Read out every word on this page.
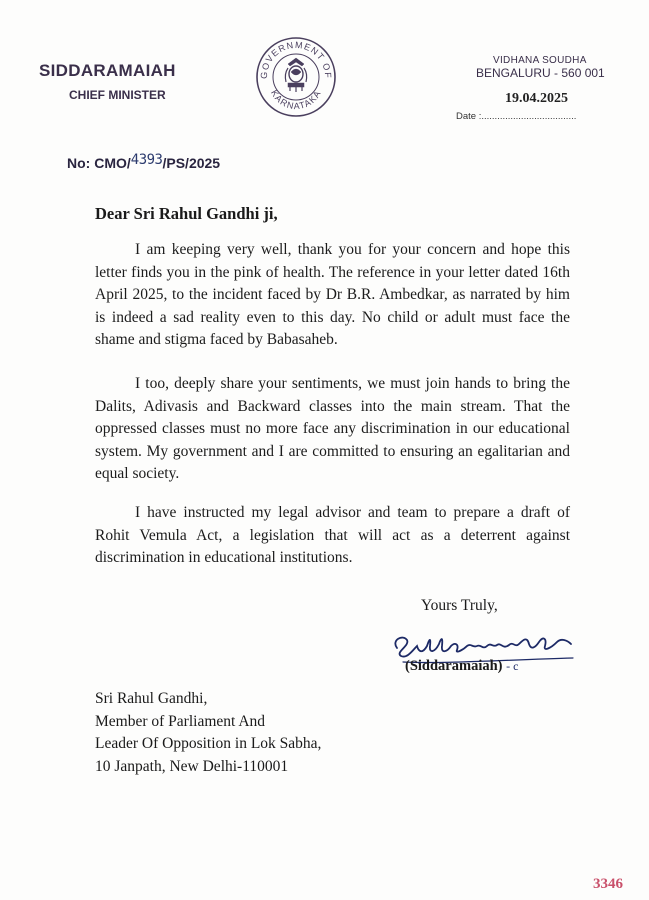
SIDDARAMAIAH
CHIEF MINISTER
GOVERNMENT OF
KARNATAKA
VIDHANA SOUDHA
BENGALURU - 560 001
19.04.2025
Date :....................................
No: CMO/4393/PS/2025
Dear Sri Rahul Gandhi ji,
I am keeping very well, thank you for your concern and hope this letter finds you in the pink of health. The reference in your letter dated 16th April 2025, to the incident faced by Dr B.R. Ambedkar, as narrated by him is indeed a sad reality even to this day. No child or adult must face the shame and stigma faced by Babasaheb.
I too, deeply share your sentiments, we must join hands to bring the Dalits, Adivasis and Backward classes into the main stream. That the oppressed classes must no more face any discrimination in our educational system. My government and I are committed to ensuring an egalitarian and equal society.
I have instructed my legal advisor and team to prepare a draft of Rohit Vemula Act, a legislation that will act as a deterrent against discrimination in educational institutions.
Yours Truly,
(Siddaramaiah) - c
Sri Rahul Gandhi,
Member of Parliament And
Leader Of Opposition in Lok Sabha,
10 Janpath, New Delhi-110001
3346
